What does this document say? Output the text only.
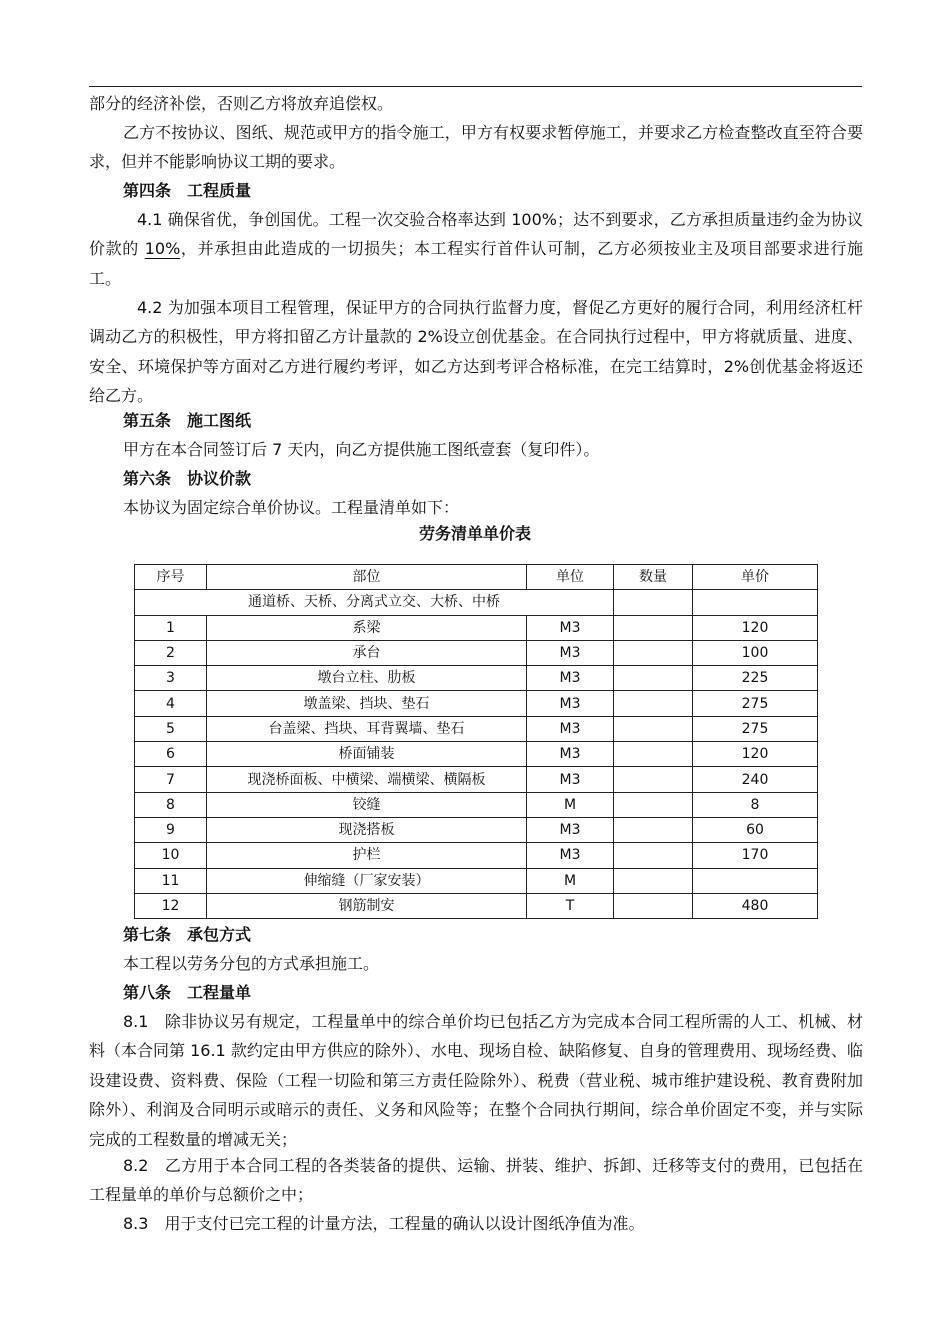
部分的经济补偿，否则乙方将放弃追偿权。

乙方不按协议、图纸、规范或甲方的指令施工，甲方有权要求暂停施工，并要求乙方检查整改直至符合要求，但并不能影响协议工期的要求。

第四条　工程质量

4.1 确保省优，争创国优。工程一次交验合格率达到 100%；达不到要求，乙方承担质量违约金为协议价款的 10%，并承担由此造成的一切损失；本工程实行首件认可制，乙方必须按业主及项目部要求进行施工。

4.2 为加强本项目工程管理，保证甲方的合同执行监督力度，督促乙方更好的履行合同，利用经济杠杆调动乙方的积极性，甲方将扣留乙方计量款的 2%设立创优基金。在合同执行过程中，甲方将就质量、进度、安全、环境保护等方面对乙方进行履约考评，如乙方达到考评合格标准，在完工结算时，2%创优基金将返还给乙方。

第五条　施工图纸

甲方在本合同签订后 7 天内，向乙方提供施工图纸壹套（复印件）。

第六条　协议价款

本协议为固定综合单价协议。工程量清单如下：

劳务清单单价表
序号	部位	单位	数量	单价
通道桥、天桥、分离式立交、大桥、中桥				
1	系梁	M3		120
2	承台	M3		100
3	墩台立柱、肋板	M3		225
4	墩盖梁、挡块、垫石	M3		275
5	台盖梁、挡块、耳背翼墙、垫石	M3		275
6	桥面铺装	M3		120
7	现浇桥面板、中横梁、端横梁、横隔板	M3		240
8	铰缝	M		8
9	现浇搭板	M3		60
10	护栏	M3		170
11	伸缩缝（厂家安装）	M		
12	钢筋制安	T		480

第七条　承包方式

本工程以劳务分包的方式承担施工。

第八条　工程量单

8.1　除非协议另有规定，工程量单中的综合单价均已包括乙方为完成本合同工程所需的人工、机械、材料（本合同第 16.1 款约定由甲方供应的除外）、水电、现场自检、缺陷修复、自身的管理费用、现场经费、临设建设费、资料费、保险（工程一切险和第三方责任险除外）、税费（营业税、城市维护建设税、教育费附加除外）、利润及合同明示或暗示的责任、义务和风险等；在整个合同执行期间，综合单价固定不变，并与实际完成的工程数量的增减无关；

8.2　乙方用于本合同工程的各类装备的提供、运输、拼装、维护、拆卸、迁移等支付的费用，已包括在工程量单的单价与总额价之中；

8.3　用于支付已完工程的计量方法，工程量的确认以设计图纸净值为准。
